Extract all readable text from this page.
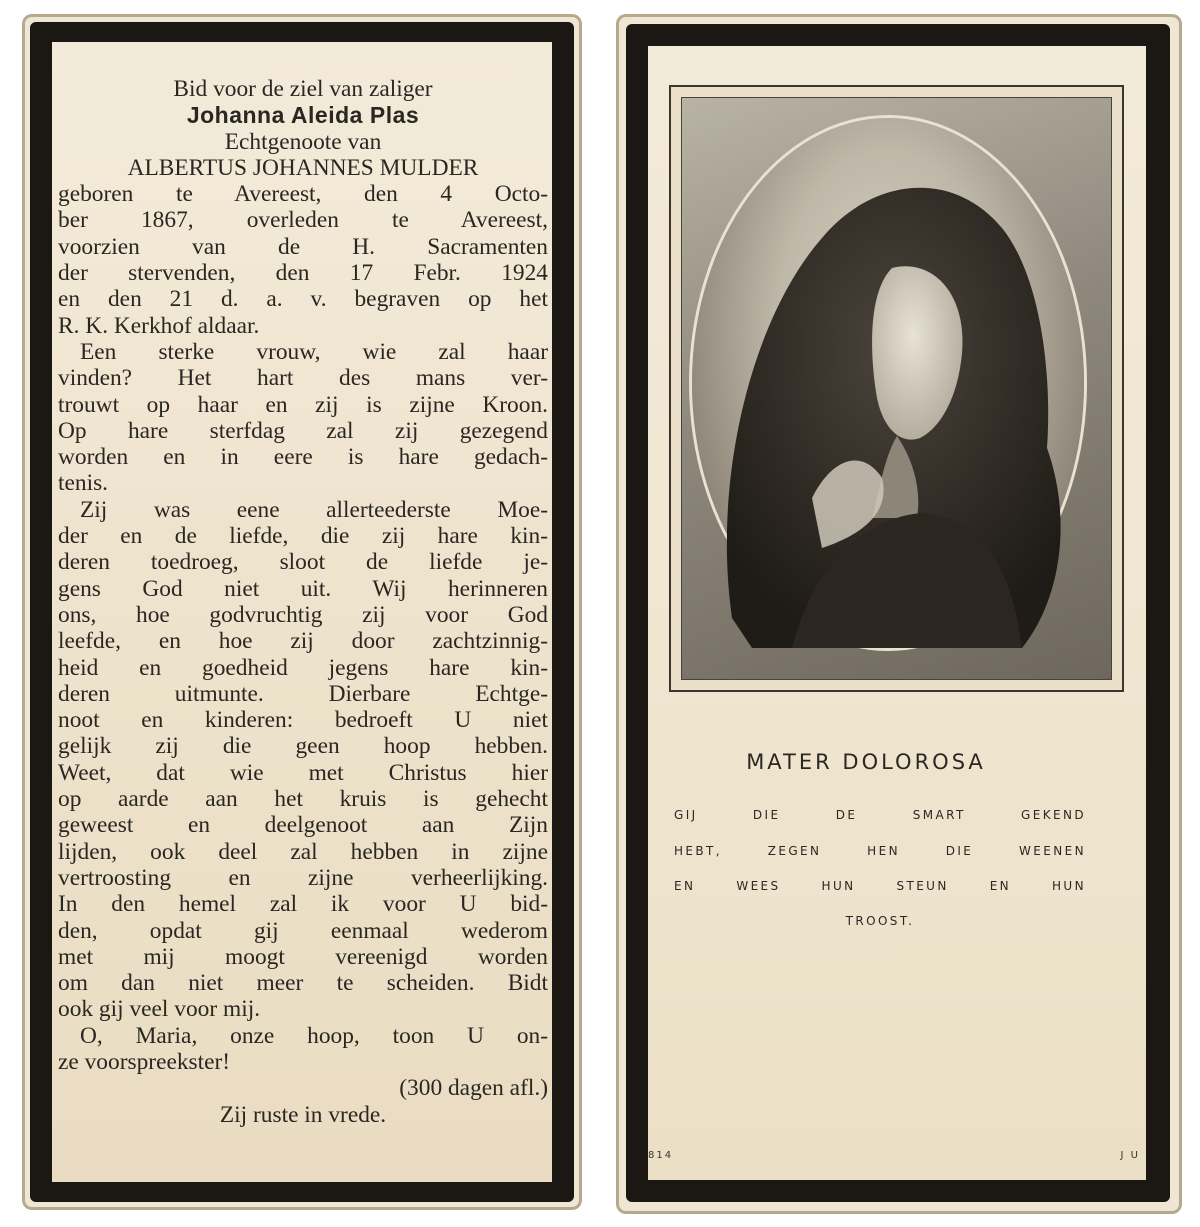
Bid voor de ziel van zaliger
Johanna Aleida Plas
Echtgenoote van
ALBERTUS JOHANNES MULDER
geboren te Avereest, den 4 Octo-
ber 1867, overleden te Avereest,
voorzien van de H. Sacramenten
der stervenden, den 17 Febr. 1924
en den 21 d. a. v. begraven op het
R. K. Kerkhof aldaar.
Een sterke vrouw, wie zal haar
vinden? Het hart des mans ver-
trouwt op haar en zij is zijne Kroon.
Op hare sterfdag zal zij gezegend
worden en in eere is hare gedach-
tenis.
Zij was eene allerteederste Moe-
der en de liefde, die zij hare kin-
deren toedroeg, sloot de liefde je-
gens God niet uit. Wij herinneren
ons, hoe godvruchtig zij voor God
leefde, en hoe zij door zachtzinnig-
heid en goedheid jegens hare kin-
deren uitmunte. Dierbare Echtge-
noot en kinderen: bedroeft U niet
gelijk zij die geen hoop hebben.
Weet, dat wie met Christus hier
op aarde aan het kruis is gehecht
geweest en deelgenoot aan Zijn
lijden, ook deel zal hebben in zijne
vertroosting en zijne verheerlijking.
In den hemel zal ik voor U bid-
den, opdat gij eenmaal wederom
met mij moogt vereenigd worden
om dan niet meer te scheiden. Bidt
ook gij veel voor mij.
O, Maria, onze hoop, toon U on-
ze voorspreekster!
(300 dagen afl.)
Zij ruste in vrede.
MATER DOLOROSA
GIJ DIE DE SMART GEKEND
HEBT, ZEGEN HEN DIE WEENEN
EN WEES HUN STEUN EN HUN
TROOST.
814	J U
